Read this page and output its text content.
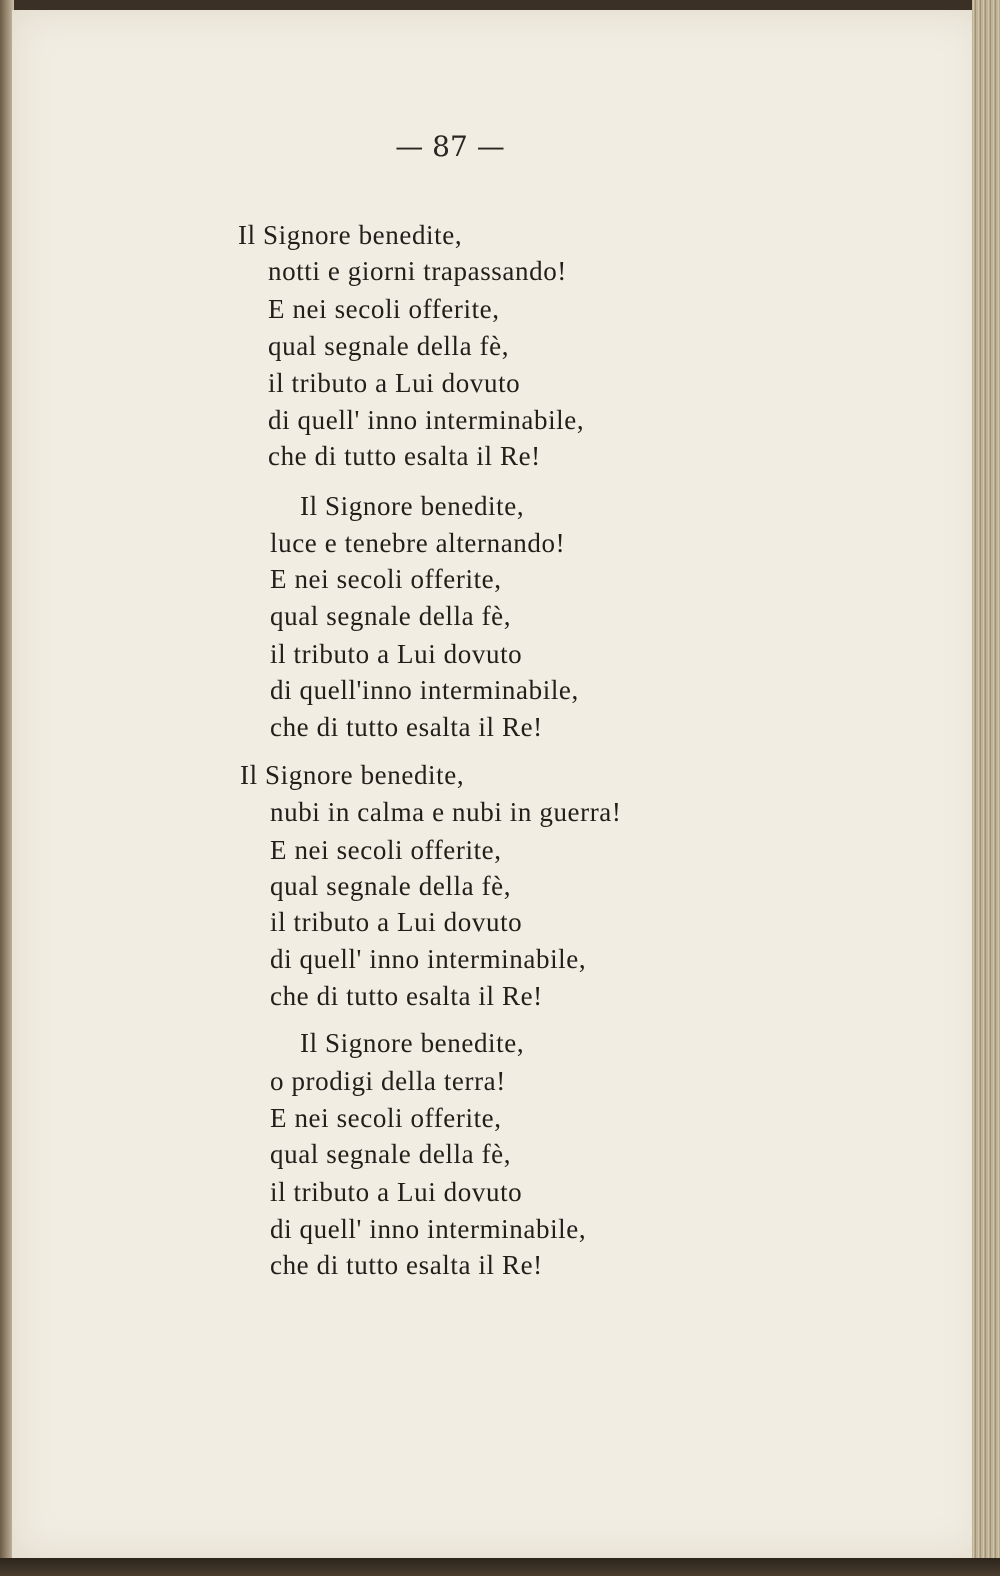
— 87 —
Il Signore benedite,
notti e giorni trapassando!
E nei secoli offerite,
qual segnale della fè,
il tributo a Lui dovuto
di quell' inno interminabile,
che di tutto esalta il Re!
Il Signore benedite,
luce e tenebre alternando!
E nei secoli offerite,
qual segnale della fè,
il tributo a Lui dovuto
di quell'inno interminabile,
che di tutto esalta il Re!
Il Signore benedite,
nubi in calma e nubi in guerra!
E nei secoli offerite,
qual segnale della fè,
il tributo a Lui dovuto
di quell' inno interminabile,
che di tutto esalta il Re!
Il Signore benedite,
o prodigi della terra!
E nei secoli offerite,
qual segnale della fè,
il tributo a Lui dovuto
di quell' inno interminabile,
che di tutto esalta il Re!
